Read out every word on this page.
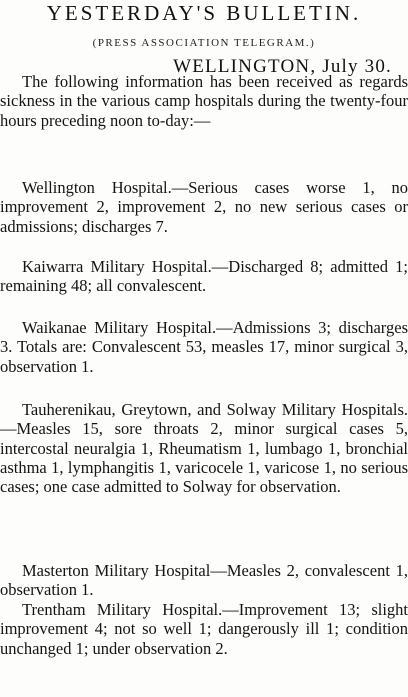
YESTERDAY'S BULLETIN.
(PRESS ASSOCIATION TELEGRAM.)
WELLINGTON, July 30.

The following information has been received as regards sickness in the various camp hospitals during the twenty-four hours preceding noon to-day:—

Wellington Hospital.—Serious cases worse 1, no improvement 2, improvement 2, no new serious cases or admissions; discharges 7.

Kaiwarra Military Hospital.—Discharged 8; admitted 1; remaining 48; all convalescent.

Waikanae Military Hospital.—Admissions 3; discharges 3. Totals are: Convalescent 53, measles 17, minor surgical 3, observation 1.

Tauherenikau, Greytown, and Solway Military Hospitals.—Measles 15, sore throats 2, minor surgical cases 5, intercostal neuralgia 1, Rheumatism 1, lumbago 1, bronchial asthma 1, lymphangitis 1, varicocele 1, varicose 1, no serious cases; one case admitted to Solway for observation.

Masterton Military Hospital—Measles 2, convalescent 1, observation 1.

Trentham Military Hospital.—Improvement 13; slight improvement 4; not so well 1; dangerously ill 1; condition unchanged 1; under observation 2.
